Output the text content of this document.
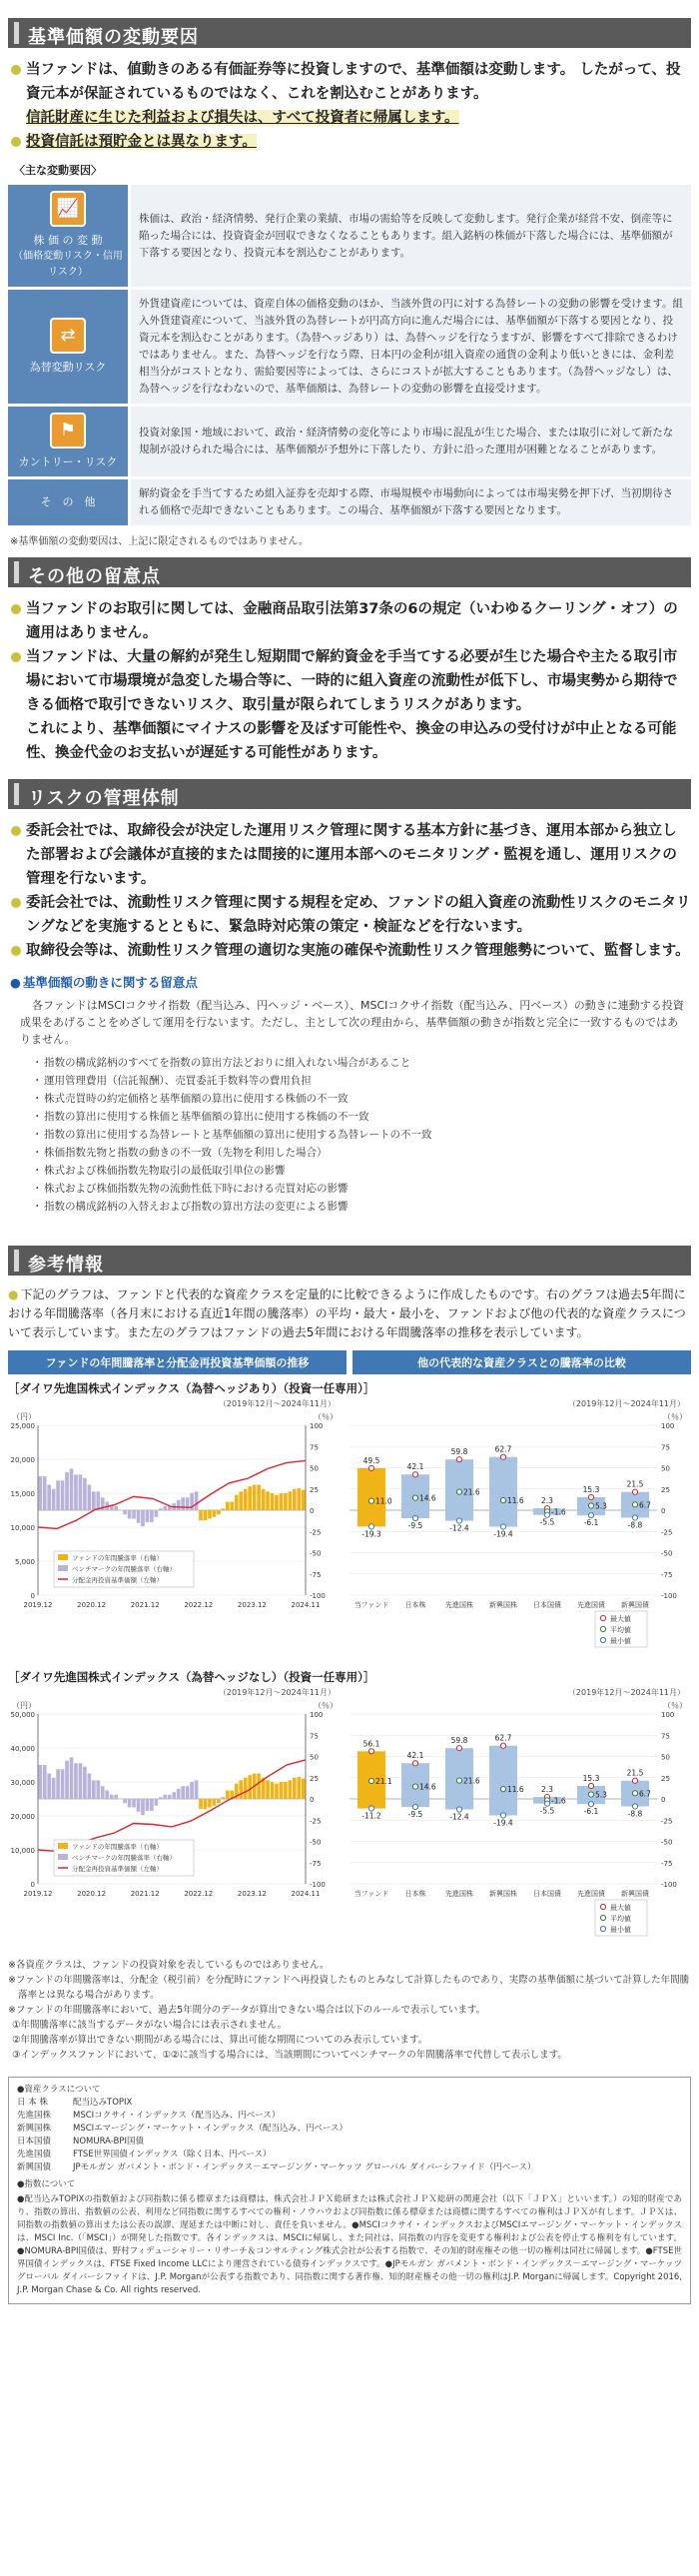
基準価額の変動要因
当ファンドは、値動きのある有価証券等に投資しますので、基準価額は変動します。 したがって、投資元本が保証されているものではなく、これを割込むことがあります。
信託財産に生じた利益および損失は、すべて投資者に帰属します。
投資信託は預貯金とは異なります。
〈主な変動要因〉
📈
株 価 の 変 動
（価格変動リスク・信用リスク）	株価は、政治・経済情勢、発行企業の業績、市場の需給等を反映して変動します。発行企業が経営不安、倒産等に陥った場合には、投資資金が回収できなくなることもあります。組入銘柄の株価が下落した場合には、基準価額が下落する要因となり、投資元本を割込むことがあります。

⇄
為替変動リスク	外貨建資産については、資産自体の価格変動のほか、当該外貨の円に対する為替レートの変動の影響を受けます。組入外貨建資産について、当該外貨の為替レートが円高方向に進んだ場合には、基準価額が下落する要因となり、投資元本を割込むことがあります。（為替ヘッジあり）は、為替ヘッジを行なうますが、影響をすべて排除できるわけではありません。また、為替ヘッジを行なう際、日本円の金利が組入資産の通貨の金利より低いときには、金利差相当分がコストとなり、需給要因等によっては、さらにコストが拡大することもあります。（為替ヘッジなし）は、為替ヘッジを行なわないので、基準価額は、為替レートの変動の影響を直接受けます。

⚑
カントリー・リスク	投資対象国・地域において、政治・経済情勢の変化等により市場に混乱が生じた場合、または取引に対して新たな規制が設けられた場合には、基準価額が予想外に下落したり、方針に沿った運用が困難となることがあります。

そ　の　他	解約資金を手当てするため組入証券を売却する際、市場規模や市場動向によっては市場実勢を押下げ、当初期待される価格で売却できないこともあります。この場合、基準価額が下落する要因となります。
※基準価額の変動要因は、上記に限定されるものではありません。
その他の留意点
当ファンドのお取引に関しては、金融商品取引法第37条の6の規定（いわゆるクーリング・オフ）の適用はありません。
当ファンドは、大量の解約が発生し短期間で解約資金を手当てする必要が生じた場合や主たる取引市場において市場環境が急変した場合等に、一時的に組入資産の流動性が低下し、市場実勢から期待できる価格で取引できないリスク、取引量が限られてしまうリスクがあります。
これにより、基準価額にマイナスの影響を及ぼす可能性や、換金の申込みの受付けが中止となる可能性、換金代金のお支払いが遅延する可能性があります。
リスクの管理体制
委託会社では、取締役会が決定した運用リスク管理に関する基本方針に基づき、運用本部から独立した部署および会議体が直接的または間接的に運用本部へのモニタリング・監視を通し、運用リスクの管理を行ないます。
委託会社では、流動性リスク管理に関する規程を定め、ファンドの組入資産の流動性リスクのモニタリングなどを実施するとともに、緊急時対応策の策定・検証などを行ないます。
取締役会等は、流動性リスク管理の適切な実施の確保や流動性リスク管理態勢について、監督します。
● 基準価額の動きに関する留意点
各ファンドはMSCIコクサイ指数（配当込み、円ヘッジ・ベース）、MSCIコクサイ指数（配当込み、円ベース）の動きに連動する投資成果をあげることをめざして運用を行ないます。ただし、主として次の理由から、基準価額の動きが指数と完全に一致するものではありません。
・ 指数の構成銘柄のすべてを指数の算出方法どおりに組入れない場合があること
・ 運用管理費用（信託報酬）、売買委託手数料等の費用負担
・ 株式売買時の約定価格と基準価額の算出に使用する株価の不一致
・ 指数の算出に使用する株価と基準価額の算出に使用する株価の不一致
・ 指数の算出に使用する為替レートと基準価額の算出に使用する為替レートの不一致
・ 株価指数先物と指数の動きの不一致（先物を利用した場合）
・ 株式および株価指数先物取引の最低取引単位の影響
・ 株式および株価指数先物の流動性低下時における売買対応の影響
・ 指数の構成銘柄の入替えおよび指数の算出方法の変更による影響
参考情報
● 下記のグラフは、ファンドと代表的な資産クラスを定量的に比較できるように作成したものです。右のグラフは過去5年間における年間騰落率（各月末における直近1年間の騰落率）の平均・最大・最小を、ファンドおよび他の代表的な資産クラスについて表示しています。また左のグラフはファンドの過去5年間における年間騰落率の推移を表示しています。
ファンドの年間騰落率と分配金再投資基準価額の推移	他の代表的な資産クラスとの騰落率の比較
［ダイワ先進国株式インデックス（為替ヘッジあり）（投資一任専用）］
（2019年12月～2024年11月）
（円）	（％）
0
5,000
10,000
15,000
20,000
25,000
-100
-75
-50
-25
0
25
50
75
100
2019.12	2020.12	2021.12	2022.12	2023.12	2024.11
ファンドの年間騰落率（右軸）
ベンチマークの年間騰落率（右軸）
分配金再投資基準価額（左軸）
（2019年12月～2024年11月）
（％）
-100
-75
-50
-25
0
25
50
75
100
49.5
11.0
-19.3
当ファンド
42.1
14.6
-9.5
日本株
59.8
21.6
-12.4
先進国株
62.7
11.6
-19.4
新興国株
2.3
-1.6
-5.5
日本国債
15.3
5.3
-6.1
先進国債
21.5
6.7
-8.8
新興国債
最大値
平均値
最小値
［ダイワ先進国株式インデックス（為替ヘッジなし）（投資一任専用）］
（2019年12月～2024年11月）
（円）	（％）
0
10,000
20,000
30,000
40,000
50,000
-100
-75
-50
-25
0
25
50
75
100
2019.12	2020.12	2021.12	2022.12	2023.12	2024.11
ファンドの年間騰落率（右軸）
ベンチマークの年間騰落率（右軸）
分配金再投資基準価額（左軸）
（2019年12月～2024年11月）
（％）
-100
-75
-50
-25
0
25
50
75
100
56.1
21.1
-11.2
当ファンド
42.1
14.6
-9.5
日本株
59.8
21.6
-12.4
先進国株
62.7
11.6
-19.4
新興国株
2.3
-1.6
-5.5
日本国債
15.3
5.3
-6.1
先進国債
21.5
6.7
-8.8
新興国債
最大値
平均値
最小値

※各資産クラスは、ファンドの投資対象を表しているものではありません。

※ファンドの年間騰落率は、分配金（税引前）を分配時にファンドへ再投資したものとみなして計算したものであり、実際の基準価額に基づいて計算した年間騰落率とは異なる場合があります。

※ファンドの年間騰落率において、過去5年間分のデータが算出できない場合は以下のルールで表示しています。

①年間騰落率に該当するデータがない場合には表示されません。

②年間騰落率が算出できない期間がある場合には、算出可能な期間についてのみ表示しています。

③インデックスファンドにおいて、①②に該当する場合には、当該期間についてベンチマークの年間騰落率で代替して表示します。

●資産クラスについて
日 本 株	配当込みTOPIX
先進国株	MSCIコクサイ・インデックス（配当込み、円ベース）
新興国株	MSCIエマージング・マーケット・インデックス（配当込み、円ベース）
日本国債	NOMURA-BPI国債
先進国債	FTSE世界国債インデックス（除く日本、円ベース）
新興国債	JPモルガン ガバメント・ボンド・インデックス－エマージング・マーケッツ グローバル ダイバーシファイド（円ベース）
●指数について
●配当込みTOPIXの指数値および同指数に係る標章または商標は、株式会社ＪＰＸ総研または株式会社ＪＰＸ総研の関連会社（以下「ＪＰＸ」といいます。）の知的財産であり、指数の算出、指数値の公表、利用など同指数に関するすべての権利・ノウハウおよび同指数に係る標章または商標に関するすべての権利はＪＰＸが有します。ＪＰＸは、同指数の指数値の算出または公表の誤謬、遅延または中断に対し、責任を負いません。●MSCIコクサイ・インデックスおよびMSCIエマージング・マーケット・インデックスは、MSCI Inc.（「MSCI」）が開発した指数です。各インデックスは、MSCIに帰属し、また同社は、同指数の内容を変更する権利および公表を停止する権利を有しています。●NOMURA-BPI国債は、野村フィデューシャリー・リサーチ＆コンサルティング株式会社が公表する指数で、その知的財産権その他一切の権利は同社に帰属します。●FTSE世界国債インデックスは、FTSE Fixed Income LLCにより運営されている債券インデックスです。●JPモルガン ガバメント・ボンド・インデックス－エマージング・マーケッツ グローバル ダイバーシファイドは、J.P. Morganが公表する指数であり、同指数に関する著作権、知的財産権その他一切の権利はJ.P. Morganに帰属します。Copyright 2016, J.P. Morgan Chase & Co. All rights reserved.
